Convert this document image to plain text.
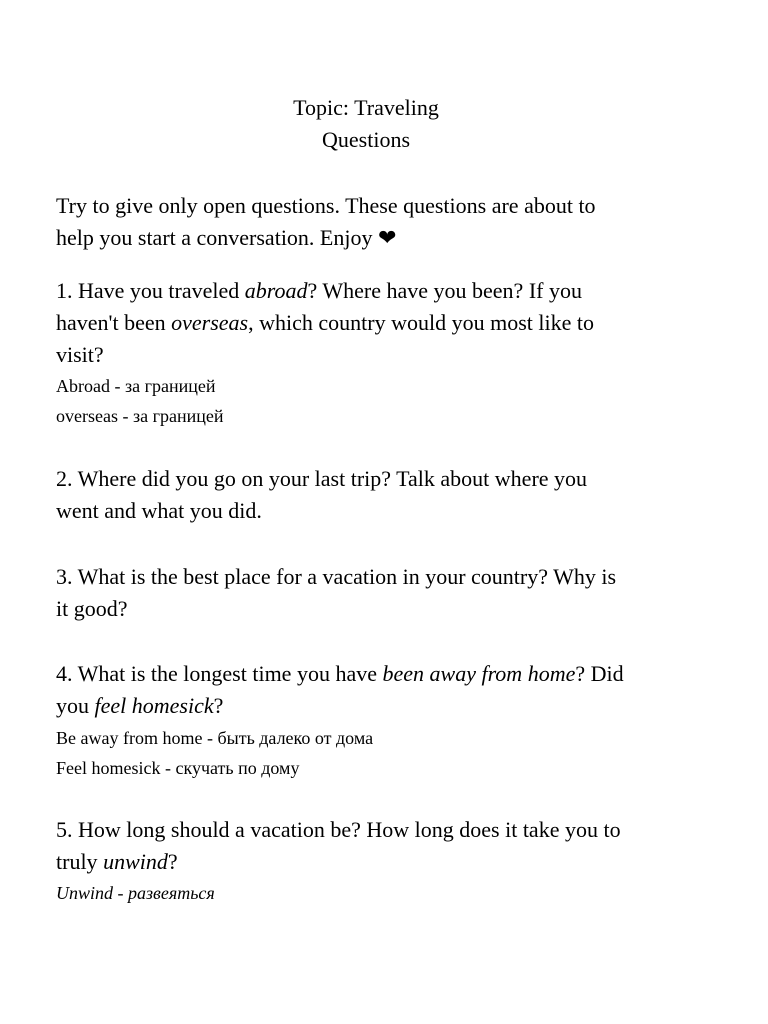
Topic: Traveling
Questions
Try to give only open questions. These questions are about to
help you start a conversation. Enjoy ❤
1. Have you traveled abroad? Where have you been? If you
haven't been overseas, which country would you most like to
visit?
Abroad - за границей
overseas - за границей
2. Where did you go on your last trip? Talk about where you
went and what you did.
3. What is the best place for a vacation in your country? Why is
it good?
4. What is the longest time you have been away from home? Did
you feel homesick?
Be away from home - быть далеко от дома
Feel homesick - скучать по дому
5. How long should a vacation be? How long does it take you to
truly unwind?
Unwind - развеяться
